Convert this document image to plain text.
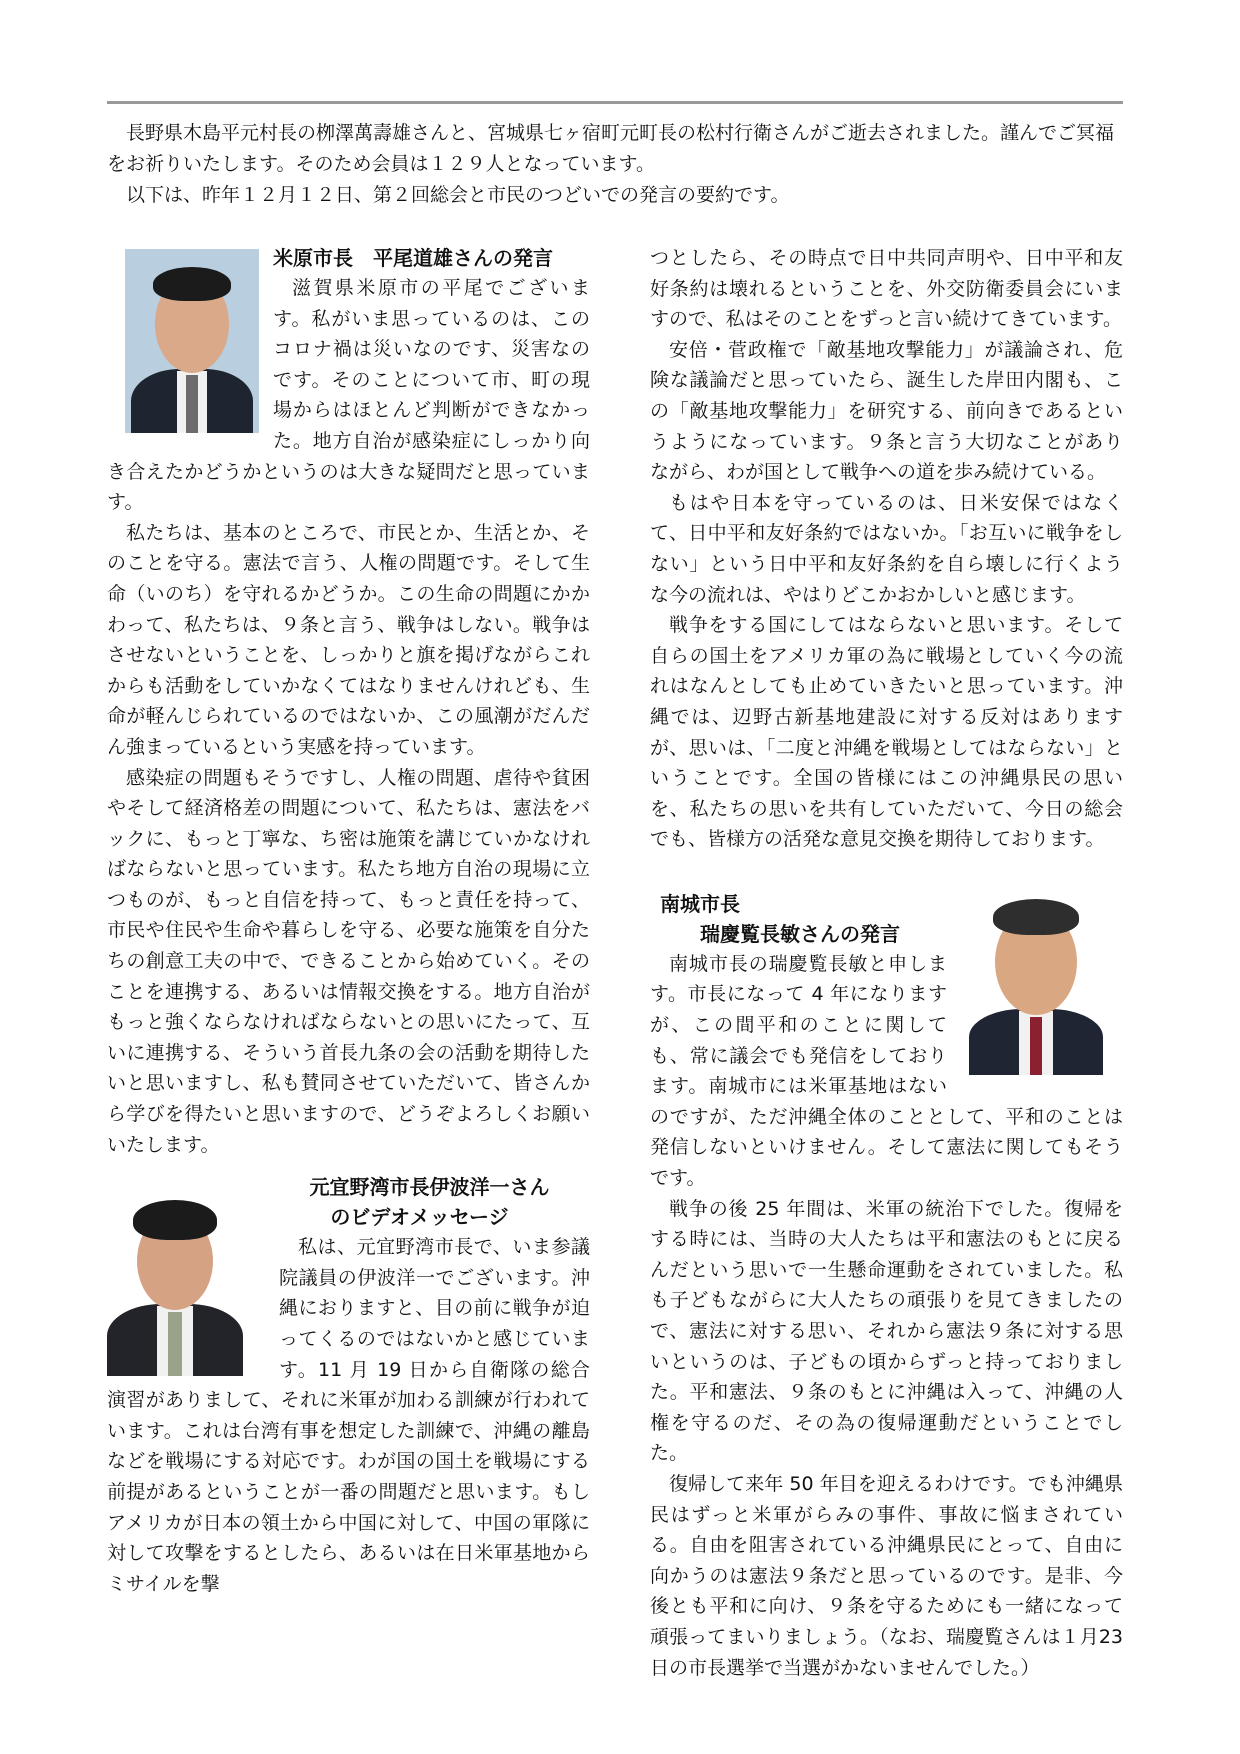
長野県木島平元村長の栁澤萬壽雄さんと、宮城県七ヶ宿町元町長の松村行衛さんがご逝去されました。謹んでご冥福をお祈りいたします。そのため会員は１２９人となっています。

以下は、昨年１２月１２日、第２回総会と市民のつどいでの発言の要約です。

米原市長　平尾道雄さんの発言

滋賀県米原市の平尾でございます。私がいま思っているのは、このコロナ禍は災いなのです、災害なのです。そのことについて市、町の現場からはほとんど判断ができなかった。地方自治が感染症にしっかり向き合えたかどうかというのは大きな疑問だと思っています。

私たちは、基本のところで、市民とか、生活とか、そのことを守る。憲法で言う、人権の問題です。そして生命（いのち）を守れるかどうか。この生命の問題にかかわって、私たちは、９条と言う、戦争はしない。戦争はさせないということを、しっかりと旗を掲げながらこれからも活動をしていかなくてはなりませんけれども、生命が軽んじられているのではないか、この風潮がだんだん強まっているという実感を持っています。

感染症の問題もそうですし、人権の問題、虐待や貧困やそして経済格差の問題について、私たちは、憲法をバックに、もっと丁寧な、ち密は施策を講じていかなければならないと思っています。私たち地方自治の現場に立つものが、もっと自信を持って、もっと責任を持って、市民や住民や生命や暮らしを守る、必要な施策を自分たちの創意工夫の中で、できることから始めていく。そのことを連携する、あるいは情報交換をする。地方自治がもっと強くならなければならないとの思いにたって、互いに連携する、そういう首長九条の会の活動を期待したいと思いますし、私も賛同させていただいて、皆さんから学びを得たいと思いますので、どうぞよろしくお願いいたします。

元宜野湾市長伊波洋一さん
のビデオメッセージ

私は、元宜野湾市長で、いま参議院議員の伊波洋一でございます。沖縄におりますと、目の前に戦争が迫ってくるのではないかと感じています。11 月 19 日から自衛隊の総合演習がありまして、それに米軍が加わる訓練が行われています。これは台湾有事を想定した訓練で、沖縄の離島などを戦場にする対応です。わが国の国土を戦場にする前提があるということが一番の問題だと思います。もしアメリカが日本の領土から中国に対して、中国の軍隊に対して攻撃をするとしたら、あるいは在日米軍基地からミサイルを撃

つとしたら、その時点で日中共同声明や、日中平和友好条約は壊れるということを、外交防衛委員会にいますので、私はそのことをずっと言い続けてきています。

安倍・菅政権で「敵基地攻撃能力」が議論され、危険な議論だと思っていたら、誕生した岸田内閣も、この「敵基地攻撃能力」を研究する、前向きであるというようになっています。９条と言う大切なことがありながら、わが国として戦争への道を歩み続けている。

もはや日本を守っているのは、日米安保ではなくて、日中平和友好条約ではないか。「お互いに戦争をしない」という日中平和友好条約を自ら壊しに行くような今の流れは、やはりどこかおかしいと感じます。

戦争をする国にしてはならないと思います。そして自らの国土をアメリカ軍の為に戦場としていく今の流れはなんとしても止めていきたいと思っています。沖縄では、辺野古新基地建設に対する反対はありますが、思いは、「二度と沖縄を戦場としてはならない」ということです。全国の皆様にはこの沖縄県民の思いを、私たちの思いを共有していただいて、今日の総会でも、皆様方の活発な意見交換を期待しております。

南城市長
瑞慶覧長敏さんの発言

南城市長の瑞慶覧長敏と申します。市長になって 4 年になりますが、この間平和のことに関しても、常に議会でも発信をしております。南城市には米軍基地はないのですが、ただ沖縄全体のこととして、平和のことは発信しないといけません。そして憲法に関してもそうです。

戦争の後 25 年間は、米軍の統治下でした。復帰をする時には、当時の大人たちは平和憲法のもとに戻るんだという思いで一生懸命運動をされていました。私も子どもながらに大人たちの頑張りを見てきましたので、憲法に対する思い、それから憲法９条に対する思いというのは、子どもの頃からずっと持っておりました。平和憲法、９条のもとに沖縄は入って、沖縄の人権を守るのだ、その為の復帰運動だということでした。

復帰して来年 50 年目を迎えるわけです。でも沖縄県民はずっと米軍がらみの事件、事故に悩まされている。自由を阻害されている沖縄県民にとって、自由に向かうのは憲法９条だと思っているのです。是非、今後とも平和に向け、９条を守るためにも一緒になって頑張ってまいりましょう。（なお、瑞慶覧さんは１月23 日の市長選挙で当選がかないませんでした。）
